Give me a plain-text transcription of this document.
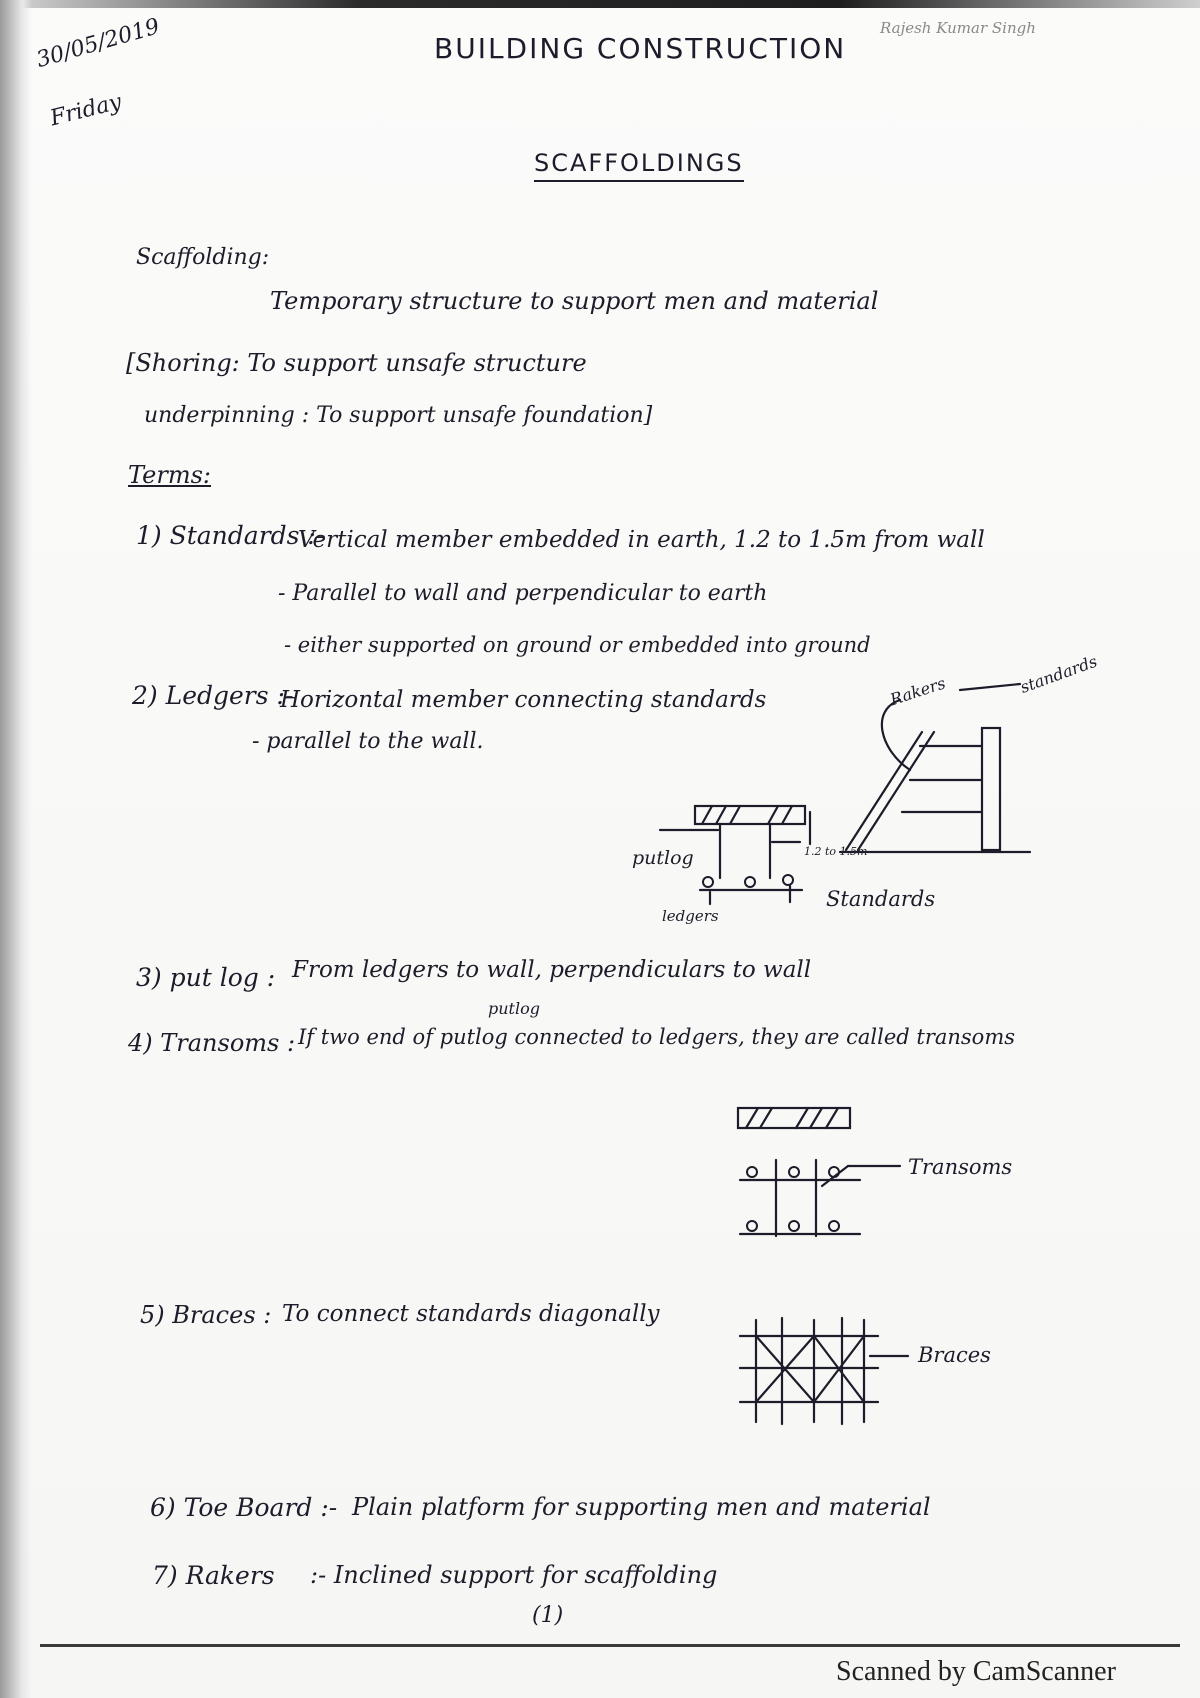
30/05/2019
Friday
BUILDING CONSTRUCTION
Rajesh Kumar Singh
SCAFFOLDINGS
Scaffolding:
Temporary structure to support men and material
[Shoring: To support unsafe structure
underpinning : To support unsafe foundation]
Terms:
1) Standards :-
Vertical member embedded in earth, 1.2 to 1.5m from wall
- Parallel to wall and perpendicular to earth
- either supported on ground or embedded into ground
2) Ledgers :-
Horizontal member connecting standards
- parallel to the wall.
Rakers	standards
putlog	1.2 to 1.5m
Standards
ledgers
3) put log : From ledgers to wall, perpendiculars to wall
putlog
4) Transoms : If two end of putlog connected to ledgers, they are called transoms
Transoms
5) Braces : To connect standards diagonally
Braces
6) Toe Board :- Plain platform for supporting men and material
7) Rakers :- Inclined support for scaffolding
(1)
Scanned by CamScanner
